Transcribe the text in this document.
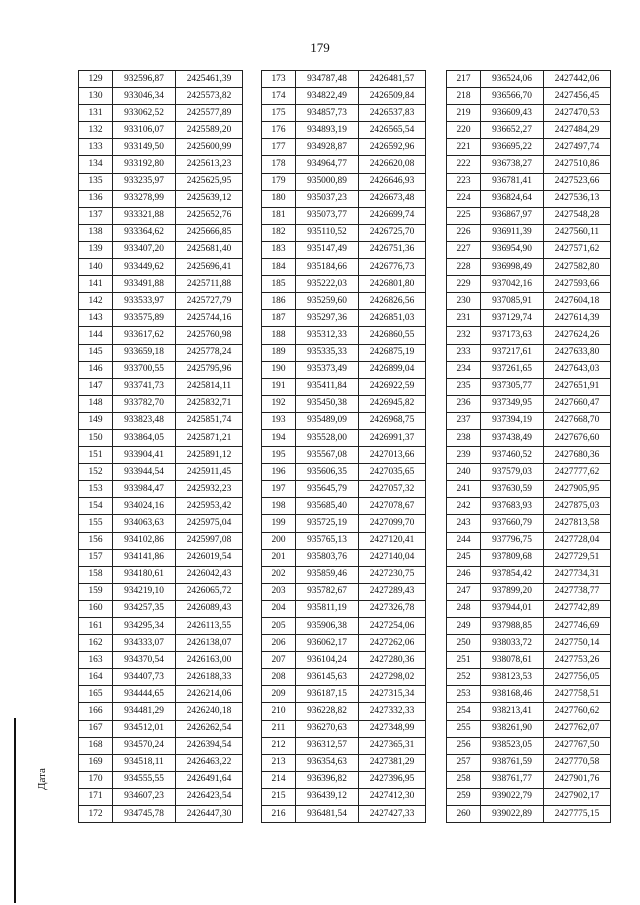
179
129	932596,87	2425461,39
130	933046,34	2425573,82
131	933062,52	2425577,89
132	933106,07	2425589,20
133	933149,50	2425600,99
134	933192,80	2425613,23
135	933235,97	2425625,95
136	933278,99	2425639,12
137	933321,88	2425652,76
138	933364,62	2425666,85
139	933407,20	2425681,40
140	933449,62	2425696,41
141	933491,88	2425711,88
142	933533,97	2425727,79
143	933575,89	2425744,16
144	933617,62	2425760,98
145	933659,18	2425778,24
146	933700,55	2425795,96
147	933741,73	2425814,11
148	933782,70	2425832,71
149	933823,48	2425851,74
150	933864,05	2425871,21
151	933904,41	2425891,12
152	933944,54	2425911,45
153	933984,47	2425932,23
154	934024,16	2425953,42
155	934063,63	2425975,04
156	934102,86	2425997,08
157	934141,86	2426019,54
158	934180,61	2426042,43
159	934219,10	2426065,72
160	934257,35	2426089,43
161	934295,34	2426113,55
162	934333,07	2426138,07
163	934370,54	2426163,00
164	934407,73	2426188,33
165	934444,65	2426214,06
166	934481,29	2426240,18
167	934512,01	2426262,54
168	934570,24	2426394,54
169	934518,11	2426463,22
170	934555,55	2426491,64
171	934607,23	2426423,54
172	934745,78	2426447,30
173	934787,48	2426481,57
174	934822,49	2426509,84
175	934857,73	2426537,83
176	934893,19	2426565,54
177	934928,87	2426592,96
178	934964,77	2426620,08
179	935000,89	2426646,93
180	935037,23	2426673,48
181	935073,77	2426699,74
182	935110,52	2426725,70
183	935147,49	2426751,36
184	935184,66	2426776,73
185	935222,03	2426801,80
186	935259,60	2426826,56
187	935297,36	2426851,03
188	935312,33	2426860,55
189	935335,33	2426875,19
190	935373,49	2426899,04
191	935411,84	2426922,59
192	935450,38	2426945,82
193	935489,09	2426968,75
194	935528,00	2426991,37
195	935567,08	2427013,66
196	935606,35	2427035,65
197	935645,79	2427057,32
198	935685,40	2427078,67
199	935725,19	2427099,70
200	935765,13	2427120,41
201	935803,76	2427140,04
202	935859,46	2427230,75
203	935782,67	2427289,43
204	935811,19	2427326,78
205	935906,38	2427254,06
206	936062,17	2427262,06
207	936104,24	2427280,36
208	936145,63	2427298,02
209	936187,15	2427315,34
210	936228,82	2427332,33
211	936270,63	2427348,99
212	936312,57	2427365,31
213	936354,63	2427381,29
214	936396,82	2427396,95
215	936439,12	2427412,30
216	936481,54	2427427,33
217	936524,06	2427442,06
218	936566,70	2427456,45
219	936609,43	2427470,53
220	936652,27	2427484,29
221	936695,22	2427497,74
222	936738,27	2427510,86
223	936781,41	2427523,66
224	936824,64	2427536,13
225	936867,97	2427548,28
226	936911,39	2427560,11
227	936954,90	2427571,62
228	936998,49	2427582,80
229	937042,16	2427593,66
230	937085,91	2427604,18
231	937129,74	2427614,39
232	937173,63	2427624,26
233	937217,61	2427633,80
234	937261,65	2427643,03
235	937305,77	2427651,91
236	937349,95	2427660,47
237	937394,19	2427668,70
238	937438,49	2427676,60
239	937460,52	2427680,36
240	937579,03	2427777,62
241	937630,59	2427905,95
242	937683,93	2427875,03
243	937660,79	2427813,58
244	937796,75	2427728,04
245	937809,68	2427729,51
246	937854,42	2427734,31
247	937899,20	2427738,77
248	937944,01	2427742,89
249	937988,85	2427746,69
250	938033,72	2427750,14
251	938078,61	2427753,26
252	938123,53	2427756,05
253	938168,46	2427758,51
254	938213,41	2427760,62
255	938261,90	2427762,07
256	938523,05	2427767,50
257	938761,59	2427770,58
258	938761,77	2427901,76
259	939022,79	2427902,17
260	939022,89	2427775,15
Дата
